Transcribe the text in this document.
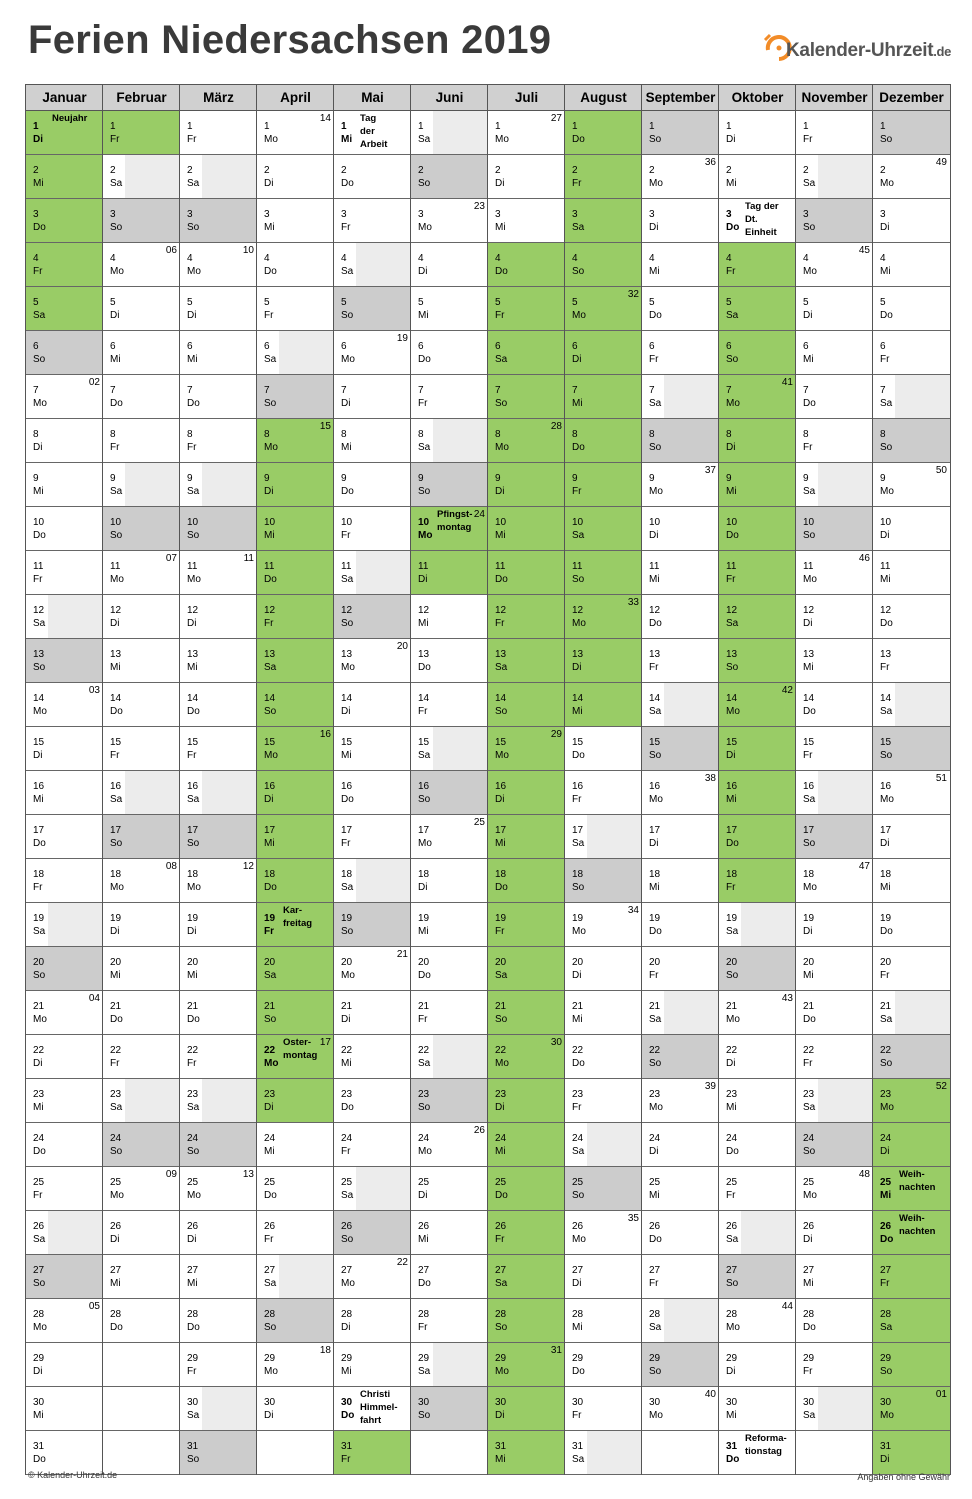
Ferien Niedersachsen 2019	Kalender-Uhrzeit.de
Januar
1
Di
Neujahr
2
Mi
3
Do
4
Fr
5
Sa
6
So
7
Mo
02
8
Di
9
Mi
10
Do
11
Fr
12
Sa
13
So
14
Mo
03
15
Di
16
Mi
17
Do
18
Fr
19
Sa
20
So
21
Mo
04
22
Di
23
Mi
24
Do
25
Fr
26
Sa
27
So
28
Mo
05
29
Di
30
Mi
31
Do
Februar
1
Fr
2
Sa
3
So
4
Mo
06
5
Di
6
Mi
7
Do
8
Fr
9
Sa
10
So
11
Mo
07
12
Di
13
Mi
14
Do
15
Fr
16
Sa
17
So
18
Mo
08
19
Di
20
Mi
21
Do
22
Fr
23
Sa
24
So
25
Mo
09
26
Di
27
Mi
28
Do
März
1
Fr
2
Sa
3
So
4
Mo
10
5
Di
6
Mi
7
Do
8
Fr
9
Sa
10
So
11
Mo
11
12
Di
13
Mi
14
Do
15
Fr
16
Sa
17
So
18
Mo
12
19
Di
20
Mi
21
Do
22
Fr
23
Sa
24
So
25
Mo
13
26
Di
27
Mi
28
Do
29
Fr
30
Sa
31
So
April
1
Mo
14
2
Di
3
Mi
4
Do
5
Fr
6
Sa
7
So
8
Mo
15
9
Di
10
Mi
11
Do
12
Fr
13
Sa
14
So
15
Mo
16
16
Di
17
Mi
18
Do
19
Fr
Kar-
freitag
20
Sa
21
So
22
Mo
Oster-
montag
17
23
Di
24
Mi
25
Do
26
Fr
27
Sa
28
So
29
Mo
18
30
Di
Mai
1
Mi
Tag
der
Arbeit
2
Do
3
Fr
4
Sa
5
So
6
Mo
19
7
Di
8
Mi
9
Do
10
Fr
11
Sa
12
So
13
Mo
20
14
Di
15
Mi
16
Do
17
Fr
18
Sa
19
So
20
Mo
21
21
Di
22
Mi
23
Do
24
Fr
25
Sa
26
So
27
Mo
22
28
Di
29
Mi
30
Do
Christi
Himmel-
fahrt
31
Fr
Juni
1
Sa
2
So
3
Mo
23
4
Di
5
Mi
6
Do
7
Fr
8
Sa
9
So
10
Mo
Pfingst-
montag
24
11
Di
12
Mi
13
Do
14
Fr
15
Sa
16
So
17
Mo
25
18
Di
19
Mi
20
Do
21
Fr
22
Sa
23
So
24
Mo
26
25
Di
26
Mi
27
Do
28
Fr
29
Sa
30
So
Juli
1
Mo
27
2
Di
3
Mi
4
Do
5
Fr
6
Sa
7
So
8
Mo
28
9
Di
10
Mi
11
Do
12
Fr
13
Sa
14
So
15
Mo
29
16
Di
17
Mi
18
Do
19
Fr
20
Sa
21
So
22
Mo
30
23
Di
24
Mi
25
Do
26
Fr
27
Sa
28
So
29
Mo
31
30
Di
31
Mi
August
1
Do
2
Fr
3
Sa
4
So
5
Mo
32
6
Di
7
Mi
8
Do
9
Fr
10
Sa
11
So
12
Mo
33
13
Di
14
Mi
15
Do
16
Fr
17
Sa
18
So
19
Mo
34
20
Di
21
Mi
22
Do
23
Fr
24
Sa
25
So
26
Mo
35
27
Di
28
Mi
29
Do
30
Fr
31
Sa
September
1
So
2
Mo
36
3
Di
4
Mi
5
Do
6
Fr
7
Sa
8
So
9
Mo
37
10
Di
11
Mi
12
Do
13
Fr
14
Sa
15
So
16
Mo
38
17
Di
18
Mi
19
Do
20
Fr
21
Sa
22
So
23
Mo
39
24
Di
25
Mi
26
Do
27
Fr
28
Sa
29
So
30
Mo
40
Oktober
1
Di
2
Mi
3
Do
Tag der
Dt.
Einheit
4
Fr
5
Sa
6
So
7
Mo
41
8
Di
9
Mi
10
Do
11
Fr
12
Sa
13
So
14
Mo
42
15
Di
16
Mi
17
Do
18
Fr
19
Sa
20
So
21
Mo
43
22
Di
23
Mi
24
Do
25
Fr
26
Sa
27
So
28
Mo
44
29
Di
30
Mi
31
Do
Reforma-
tionstag
November
1
Fr
2
Sa
3
So
4
Mo
45
5
Di
6
Mi
7
Do
8
Fr
9
Sa
10
So
11
Mo
46
12
Di
13
Mi
14
Do
15
Fr
16
Sa
17
So
18
Mo
47
19
Di
20
Mi
21
Do
22
Fr
23
Sa
24
So
25
Mo
48
26
Di
27
Mi
28
Do
29
Fr
30
Sa
Dezember
1
So
2
Mo
49
3
Di
4
Mi
5
Do
6
Fr
7
Sa
8
So
9
Mo
50
10
Di
11
Mi
12
Do
13
Fr
14
Sa
15
So
16
Mo
51
17
Di
18
Mi
19
Do
20
Fr
21
Sa
22
So
23
Mo
52
24
Di
25
Mi
Weih-
nachten
26
Do
Weih-
nachten
27
Fr
28
Sa
29
So
30
Mo
01
31
Di
© Kalender-Uhrzeit.de	Angaben ohne Gewähr
